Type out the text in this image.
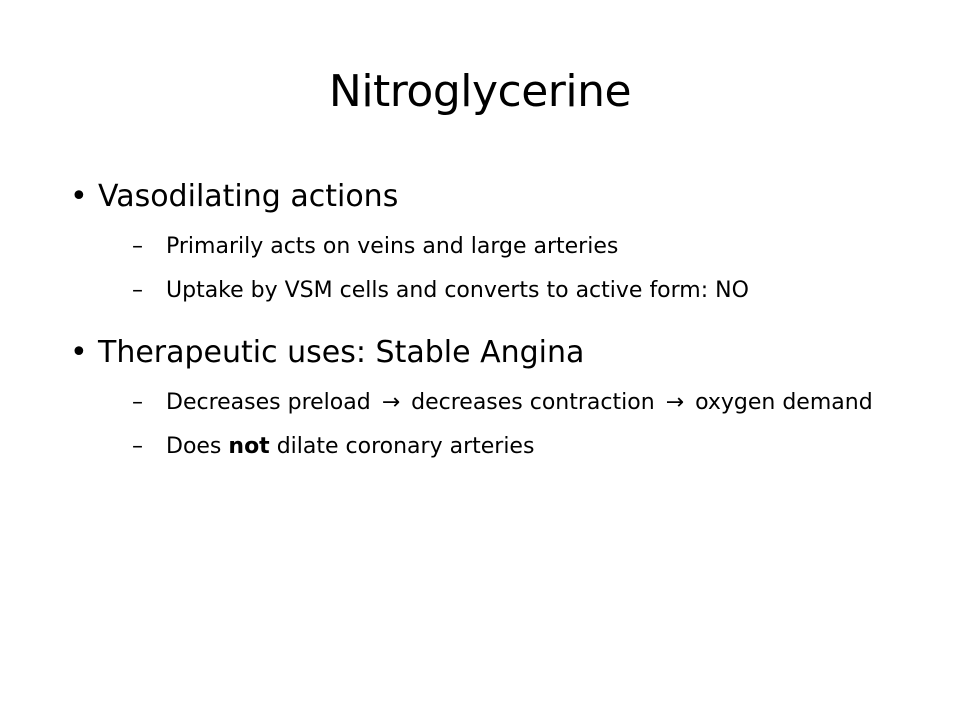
Nitroglycerine
• Vasodilating actions
– Primarily acts on veins and large arteries
– Uptake by VSM cells and converts to active form: NO
• Therapeutic uses: Stable Angina
– Decreases preload → decreases contraction → oxygen demand
– Does not dilate coronary arteries
